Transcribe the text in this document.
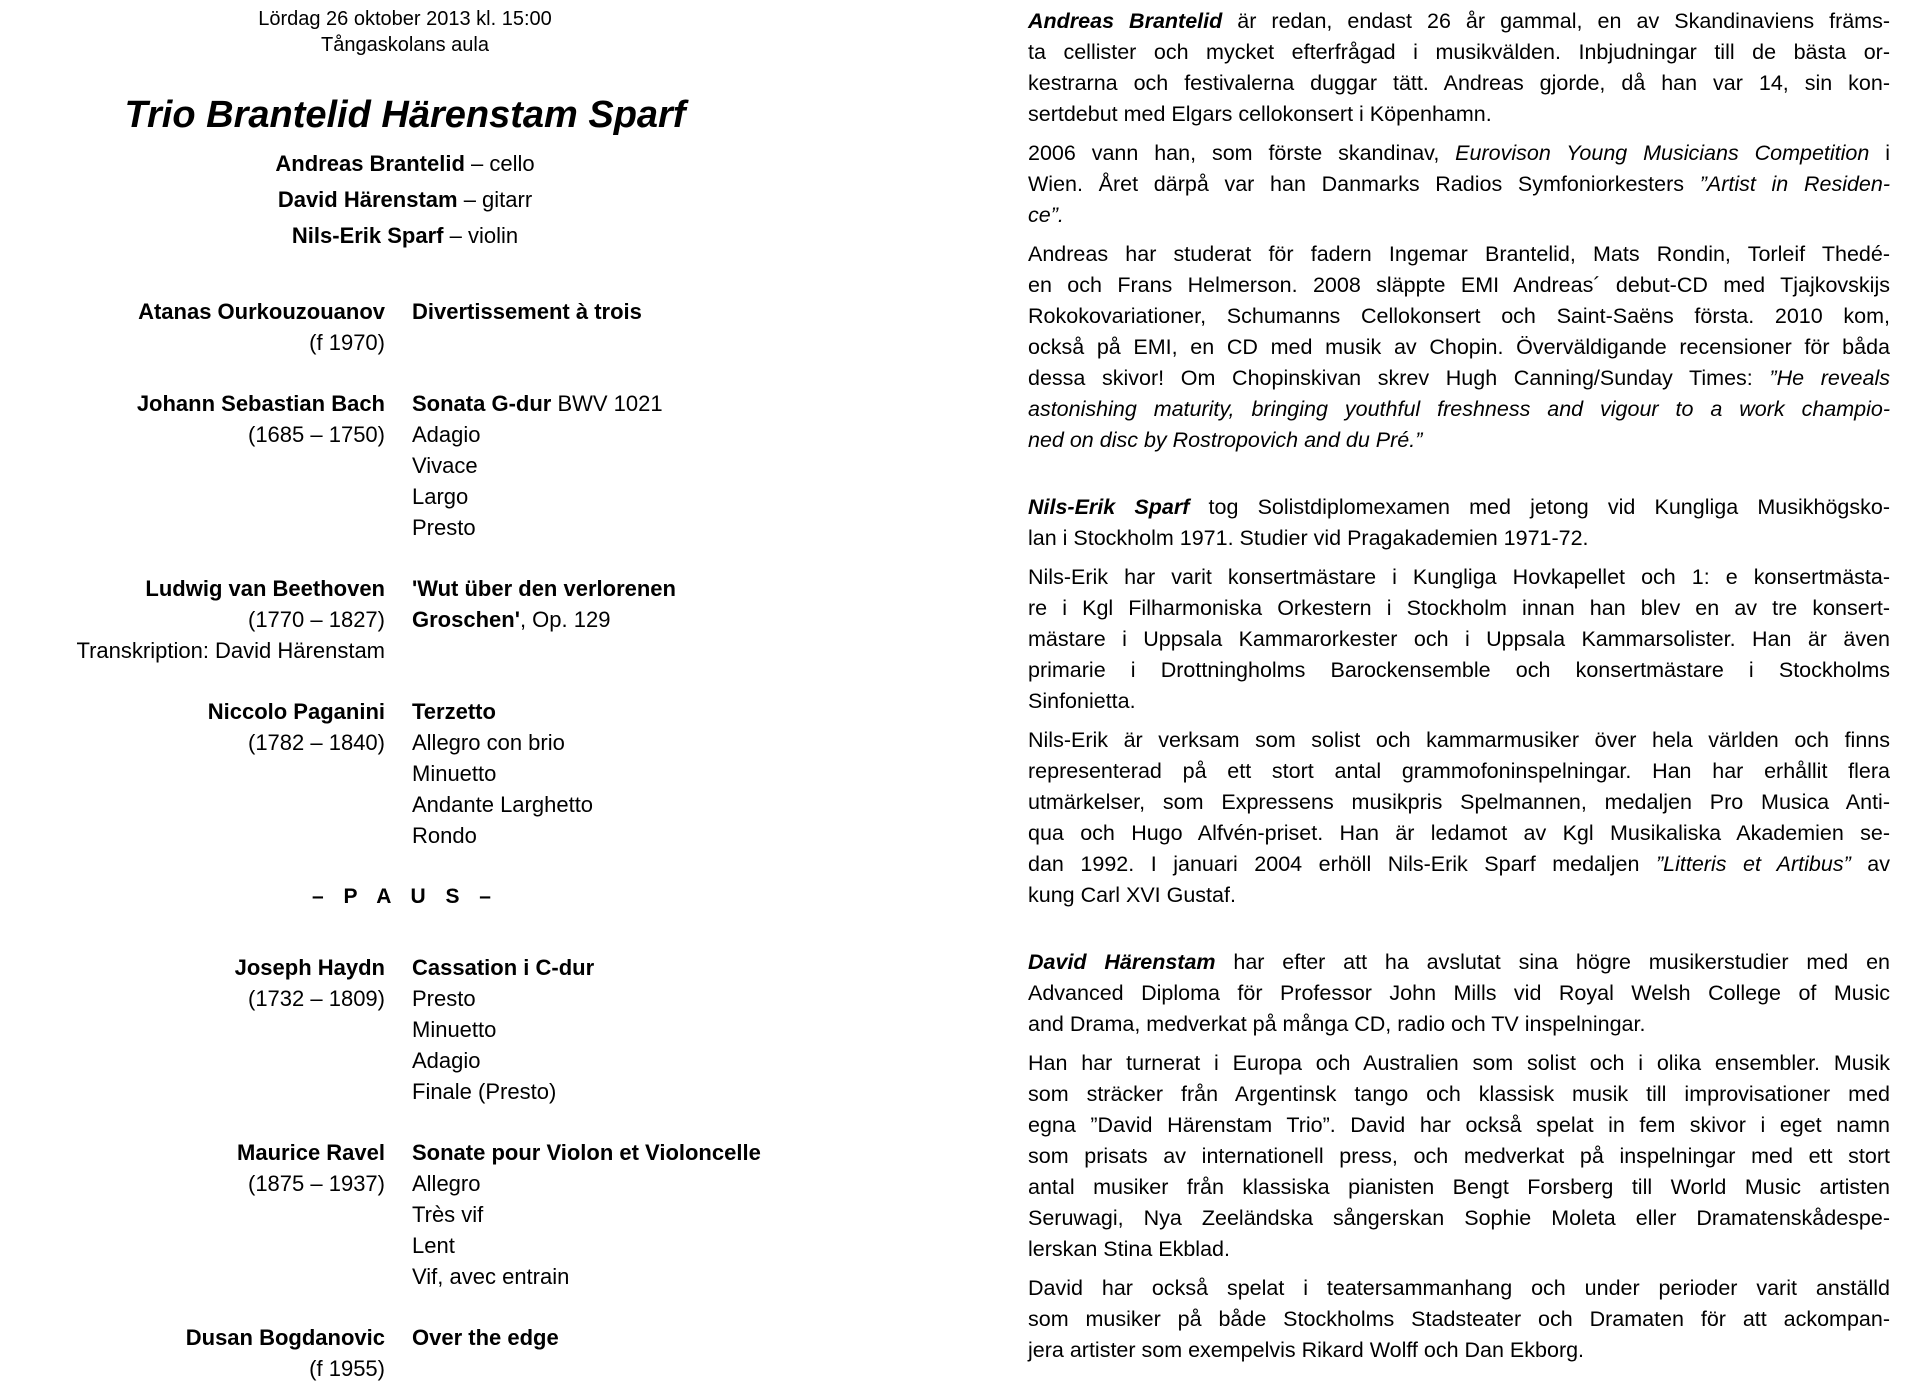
Lördag 26 oktober 2013 kl. 15:00
Tångaskolans aula
Trio Brantelid Härenstam Sparf
Andreas Brantelid – cello
David Härenstam – gitarr
Nils-Erik Sparf – violin
Atanas Ourkouzouanov
(f 1970)
Divertissement à trois
Johann Sebastian Bach
(1685 – 1750)
Sonata G-dur BWV 1021
Adagio
Vivace
Largo
Presto
Ludwig van Beethoven
(1770 – 1827)
Transkription: David Härenstam
'Wut über den verlorenen
Groschen', Op. 129
Niccolo Paganini
(1782 – 1840)
Terzetto
Allegro con brio
Minuetto
Andante Larghetto
Rondo
– P A U S –
Joseph Haydn
(1732 – 1809)
Cassation i C-dur
Presto
Minuetto
Adagio
Finale (Presto)
Maurice Ravel
(1875 – 1937)
Sonate pour Violon et Violoncelle
Allegro
Très vif
Lent
Vif, avec entrain
Dusan Bogdanovic
(f 1955)
Over the edge
Andreas Brantelid är redan, endast 26 år gammal, en av Skandinaviens främs-
ta cellister och mycket efterfrågad i musikvälden. Inbjudningar till de bästa or-
kestrarna och festivalerna duggar tätt. Andreas gjorde, då han var 14, sin kon-
sertdebut med Elgars cellokonsert i Köpenhamn.
2006 vann han, som förste skandinav, Eurovison Young Musicians Competition i
Wien. Året därpå var han Danmarks Radios Symfoniorkesters ”Artist in Residen-
ce”.
Andreas har studerat för fadern Ingemar Brantelid, Mats Rondin, Torleif Thedé-
en och Frans Helmerson. 2008 släppte EMI Andreas´ debut-CD med Tjajkovskijs
Rokokovariationer, Schumanns Cellokonsert och Saint-Saëns första. 2010 kom,
också på EMI, en CD med musik av Chopin. Överväldigande recensioner för båda
dessa skivor! Om Chopinskivan skrev Hugh Canning/Sunday Times: ”He reveals
astonishing maturity, bringing youthful freshness and vigour to a work champio-
ned on disc by Rostropovich and du Pré.”
Nils-Erik Sparf tog Solistdiplomexamen med jetong vid Kungliga Musikhögsko-
lan i Stockholm 1971. Studier vid Pragakademien 1971-72.
Nils-Erik har varit konsertmästare i Kungliga Hovkapellet och 1: e konsertmästa-
re i Kgl Filharmoniska Orkestern i Stockholm innan han blev en av tre konsert-
mästare i Uppsala Kammarorkester och i Uppsala Kammarsolister. Han är även
primarie i Drottningholms Barockensemble och konsertmästare i Stockholms
Sinfonietta.
Nils-Erik är verksam som solist och kammarmusiker över hela världen och finns
representerad på ett stort antal grammofoninspelningar. Han har erhållit flera
utmärkelser, som Expressens musikpris Spelmannen, medaljen Pro Musica Anti-
qua och Hugo Alfvén-priset. Han är ledamot av Kgl Musikaliska Akademien se-
dan 1992. I januari 2004 erhöll Nils-Erik Sparf medaljen ”Litteris et Artibus” av
kung Carl XVI Gustaf.
David Härenstam har efter att ha avslutat sina högre musikerstudier med en
Advanced Diploma för Professor John Mills vid Royal Welsh College of Music
and Drama, medverkat på många CD, radio och TV inspelningar.
Han har turnerat i Europa och Australien som solist och i olika ensembler. Musik
som sträcker från Argentinsk tango och klassisk musik till improvisationer med
egna ”David Härenstam Trio”. David har också spelat in fem skivor i eget namn
som prisats av internationell press, och medverkat på inspelningar med ett stort
antal musiker från klassiska pianisten Bengt Forsberg till World Music artisten
Seruwagi, Nya Zeeländska sångerskan Sophie Moleta eller Dramatenskådespe-
lerskan Stina Ekblad.
David har också spelat i teatersammanhang och under perioder varit anställd
som musiker på både Stockholms Stadsteater och Dramaten för att ackompan-
jera artister som exempelvis Rikard Wolff och Dan Ekborg.
